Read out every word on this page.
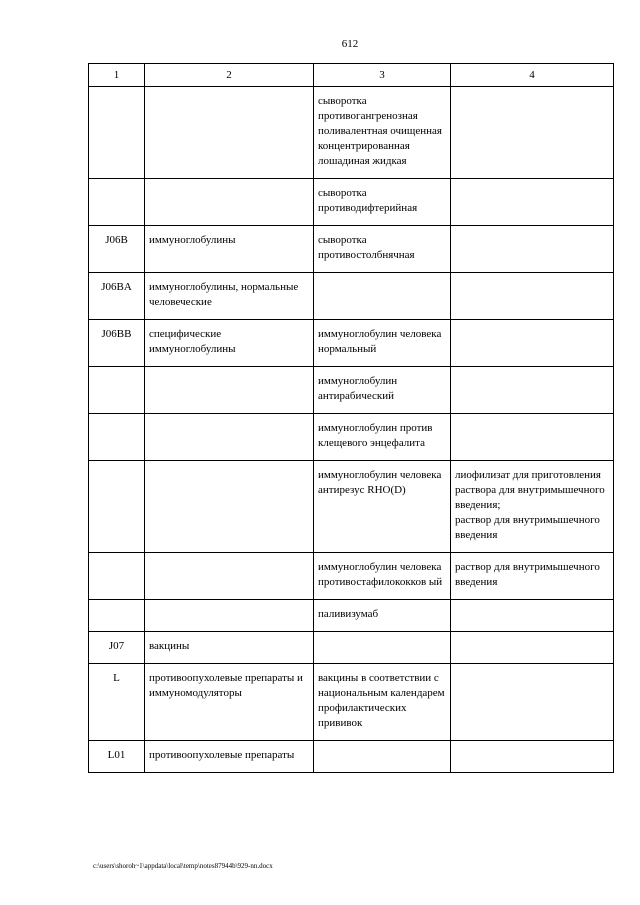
612
1	2	3	4
		сыворотка противогангренозная поливалентная очищенная концентрированная лошадиная жидкая	
		сыворотка противодифтерийная	
J06B	иммуноглобулины	сыворотка противостолбнячная	
J06BA	иммуноглобулины, нормальные человеческие		
J06BB	специфические иммуноглобулины	иммуноглобулин человека нормальный	
		иммуноглобулин антирабический	
		иммуноглобулин против клещевого энцефалита	
		иммуноглобулин человека антирезус RHO(D)	лиофилизат для приготовления раствора для внутримышечного введения;
раствор для внутримышечного введения

		иммуноглобулин человека противостафилококков ый	раствор для внутримышечного введения
		паливизумаб	
J07	вакцины		
L	противоопухолевые препараты и иммуномодуляторы	вакцины в соответствии с национальным календарем профилактических прививок	
L01	противоопухолевые препараты		
c:\users\shoroh~1\appdata\local\temp\notes87944b\929-nn.docx
